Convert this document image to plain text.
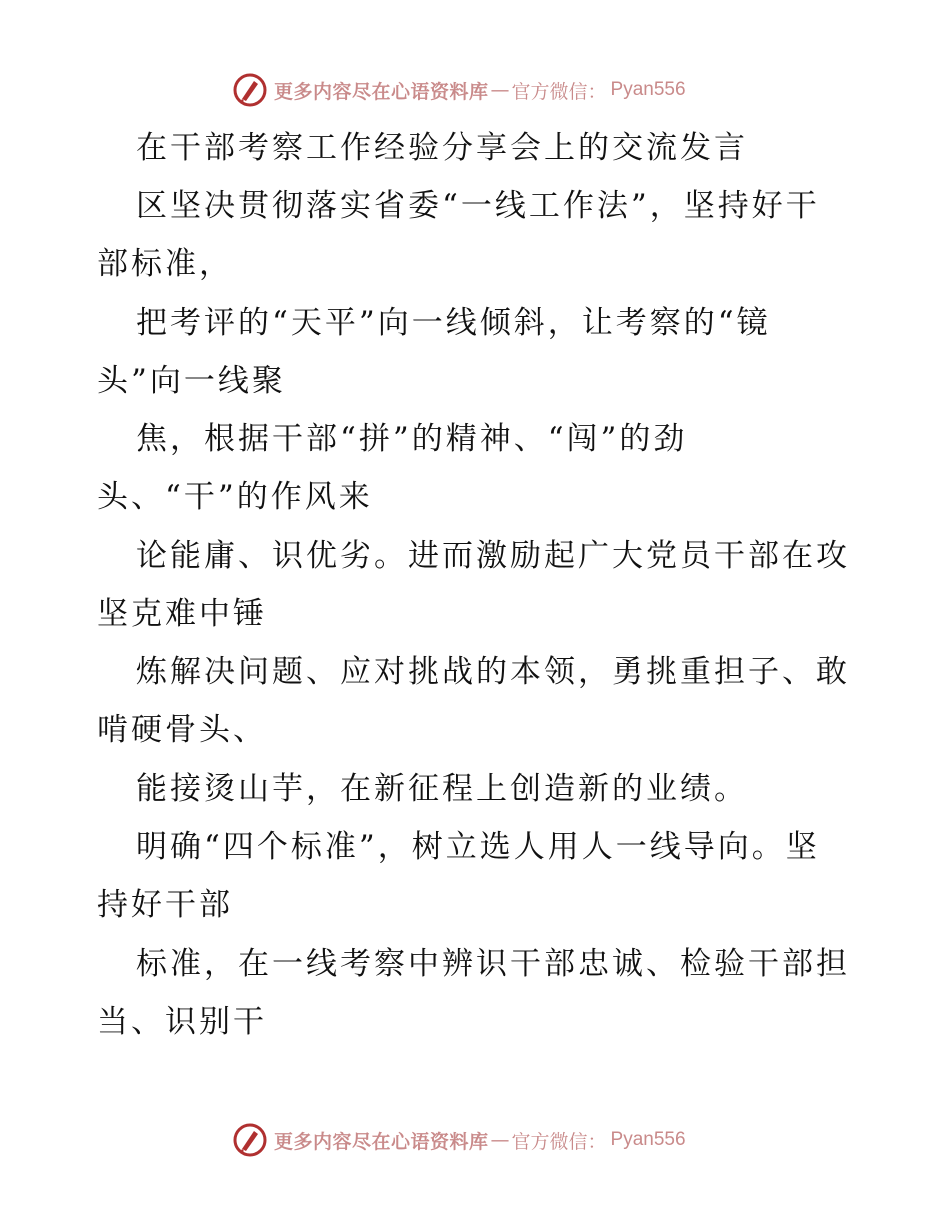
更多内容尽在心语资料库 — 官方微信： Pyan556
在干部考察工作经验分享会上的交流发言
区坚决贯彻落实省委“一线工作法”，坚持好干
部标准，
把考评的“天平”向一线倾斜，让考察的“镜
头”向一线聚
焦，根据干部“拼”的精神、“闯”的劲
头、“干”的作风来
论能庸、识优劣。进而激励起广大党员干部在攻
坚克难中锤
炼解决问题、应对挑战的本领，勇挑重担子、敢
啃硬骨头、
能接烫山芋，在新征程上创造新的业绩。
明确“四个标准”，树立选人用人一线导向。坚
持好干部
标准，在一线考察中辨识干部忠诚、检验干部担
当、识别干
更多内容尽在心语资料库 — 官方微信： Pyan556
